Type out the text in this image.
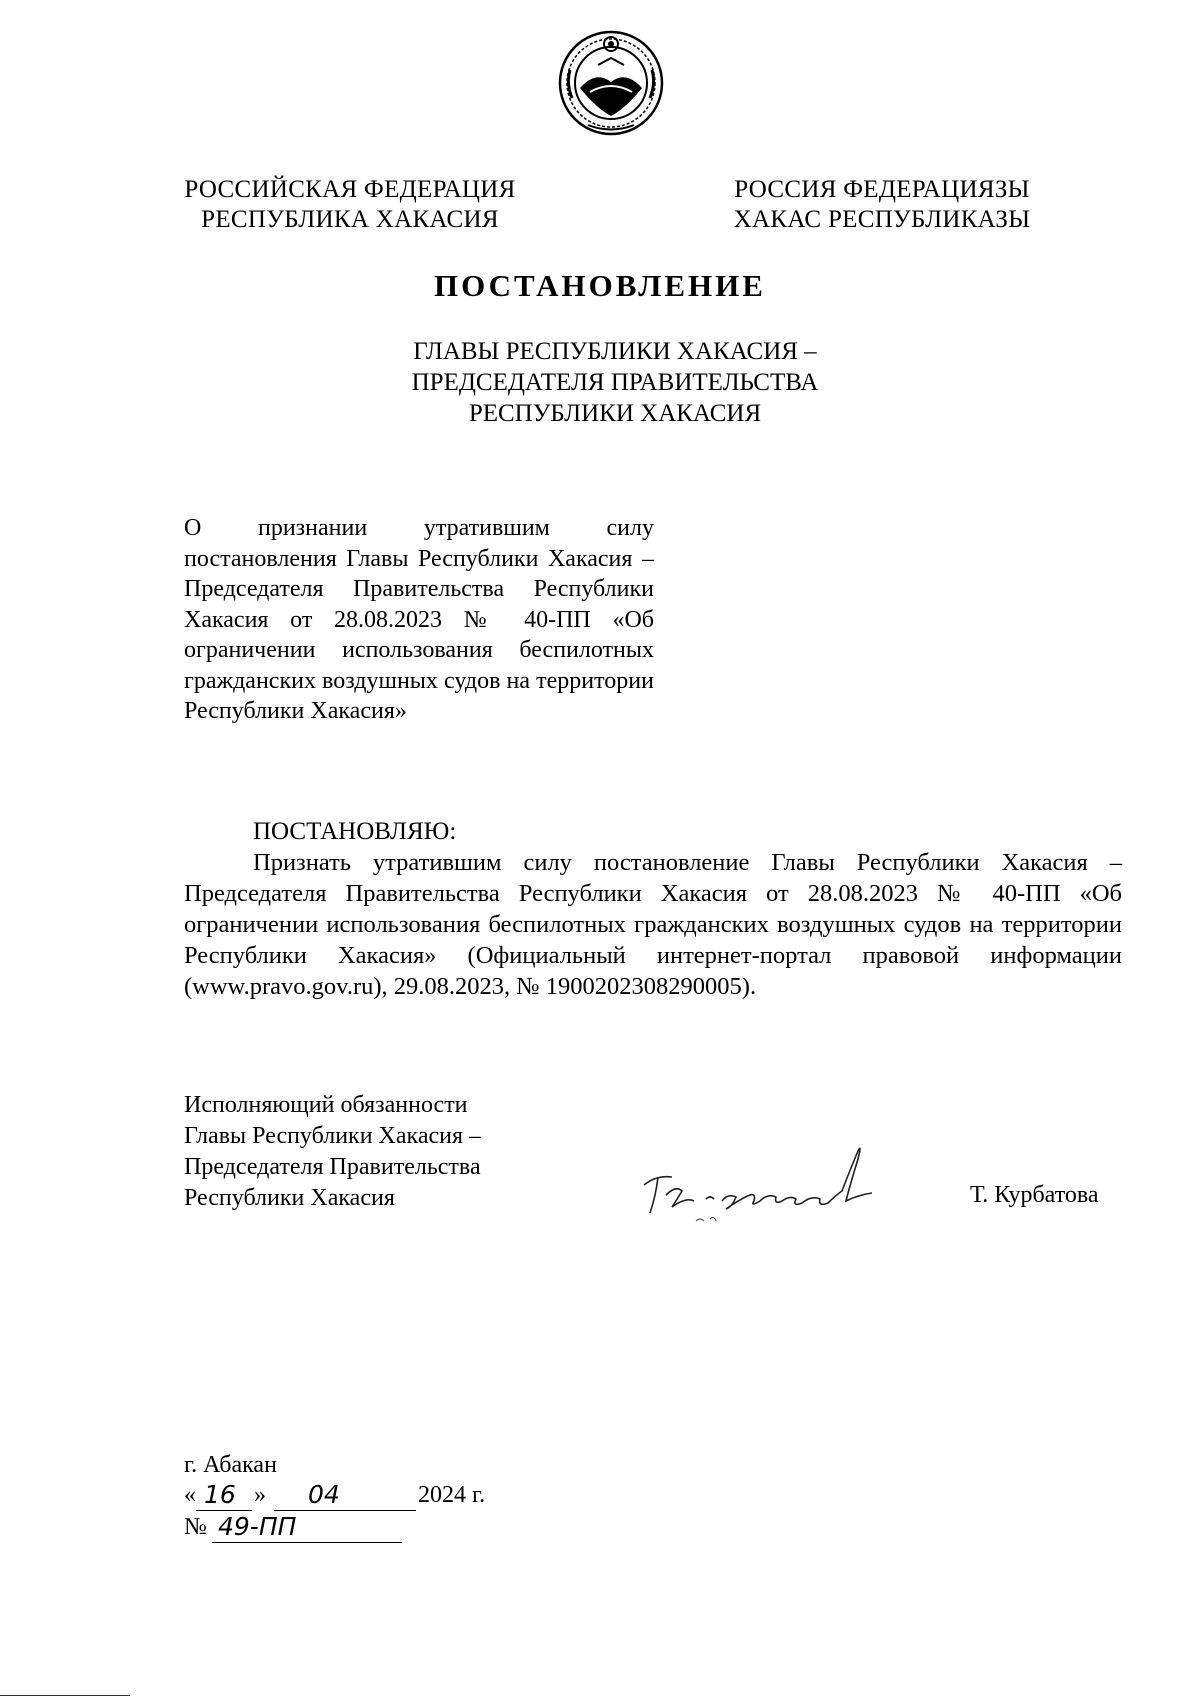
РОССИЙСКАЯ ФЕДЕРАЦИЯ
РЕСПУБЛИКА ХАКАСИЯ
РОССИЯ ФЕДЕРАЦИЯЗЫ
ХАКАС РЕСПУБЛИКАЗЫ
ПОСТАНОВЛЕНИЕ
ГЛАВЫ РЕСПУБЛИКИ ХАКАСИЯ –
ПРЕДСЕДАТЕЛЯ ПРАВИТЕЛЬСТВА
РЕСПУБЛИКИ ХАКАСИЯ
О признании утратившим силу постановления Главы Республики Хакасия – Председателя Правительства Республики Хакасия от 28.08.2023 № 40-ПП «Об ограничении использования беспилотных гражданских воздушных судов на территории Республики Хакасия»
ПОСТАНОВЛЯЮ:
Признать утратившим силу постановление Главы Республики Хакасия – Председателя Правительства Республики Хакасия от 28.08.2023 № 40-ПП «Об ограничении использования беспилотных гражданских воздушных судов на территории Республики Хакасия» (Официальный интернет-портал правовой информации (www.pravo.gov.ru), 29.08.2023, № 1900202308290005).
Исполняющий обязанности
Главы Республики Хакасия –
Председателя Правительства
Республики Хакасия	Т. Курбатова
г. Абакан
« 16 » 04	2024 г.
№ 49-ПП
